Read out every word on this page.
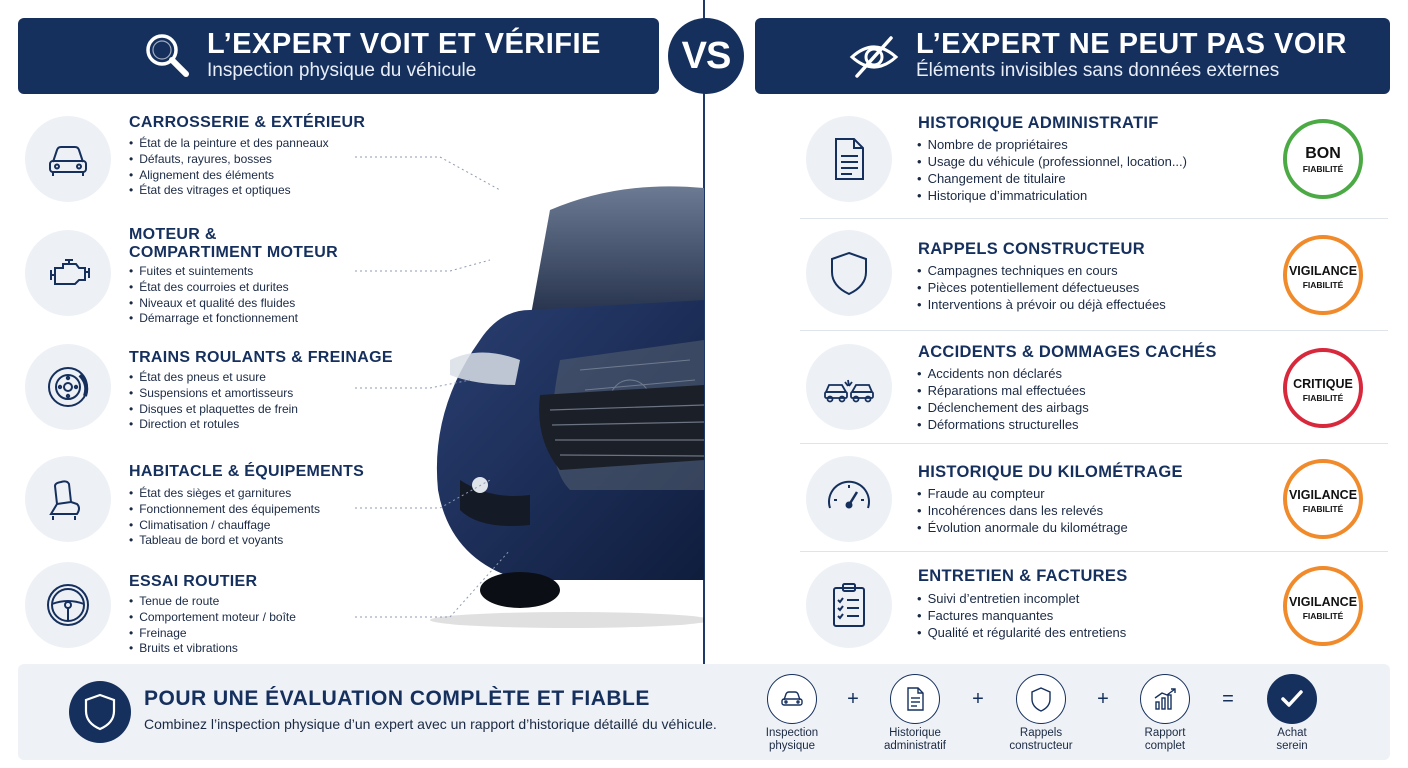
L’EXPERT VOIT ET VÉRIFIE
Inspection physique du véhicule	VS	L’EXPERT NE PEUT PAS VOIR
Éléments invisibles sans données externes
CARROSSERIE & EXTÉRIEUR
• État de la peinture et des panneaux
• Défauts, rayures, bosses
• Alignement des éléments
• État des vitrages et optiques
MOTEUR & COMPARTIMENT MOTEUR
• Fuites et suintements
• État des courroies et durites
• Niveaux et qualité des fluides
• Démarrage et fonctionnement
TRAINS ROULANTS & FREINAGE
• État des pneus et usure
• Suspensions et amortisseurs
• Disques et plaquettes de frein
• Direction et rotules
HABITACLE & ÉQUIPEMENTS
• État des sièges et garnitures
• Fonctionnement des équipements
• Climatisation / chauffage
• Tableau de bord et voyants
ESSAI ROUTIER
• Tenue de route
• Comportement moteur / boîte
• Freinage
• Bruits et vibrations
HISTORIQUE ADMINISTRATIF
• Nombre de propriétaires
• Usage du véhicule (professionnel, location...)
• Changement de titulaire
• Historique d’immatriculation
BON
FIABILITÉ
RAPPELS CONSTRUCTEUR
• Campagnes techniques en cours
• Pièces potentiellement défectueuses
• Interventions à prévoir ou déjà effectuées
VIGILANCE
FIABILITÉ
ACCIDENTS & DOMMAGES CACHÉS
• Accidents non déclarés
• Réparations mal effectuées
• Déclenchement des airbags
• Déformations structurelles
CRITIQUE
FIABILITÉ
HISTORIQUE DU KILOMÉTRAGE
• Fraude au compteur
• Incohérences dans les relevés
• Évolution anormale du kilométrage
VIGILANCE
FIABILITÉ
ENTRETIEN & FACTURES
• Suivi d’entretien incomplet
• Factures manquantes
• Qualité et régularité des entretiens
VIGILANCE
FIABILITÉ
POUR UNE ÉVALUATION COMPLÈTE ET FIABLE
Combinez l’inspection physique d’un expert avec un rapport d’historique détaillé du véhicule.
Inspection
physique
+
Historique
administratif
+
Rappels
constructeur
+
Rapport
complet
=
Achat
serein
